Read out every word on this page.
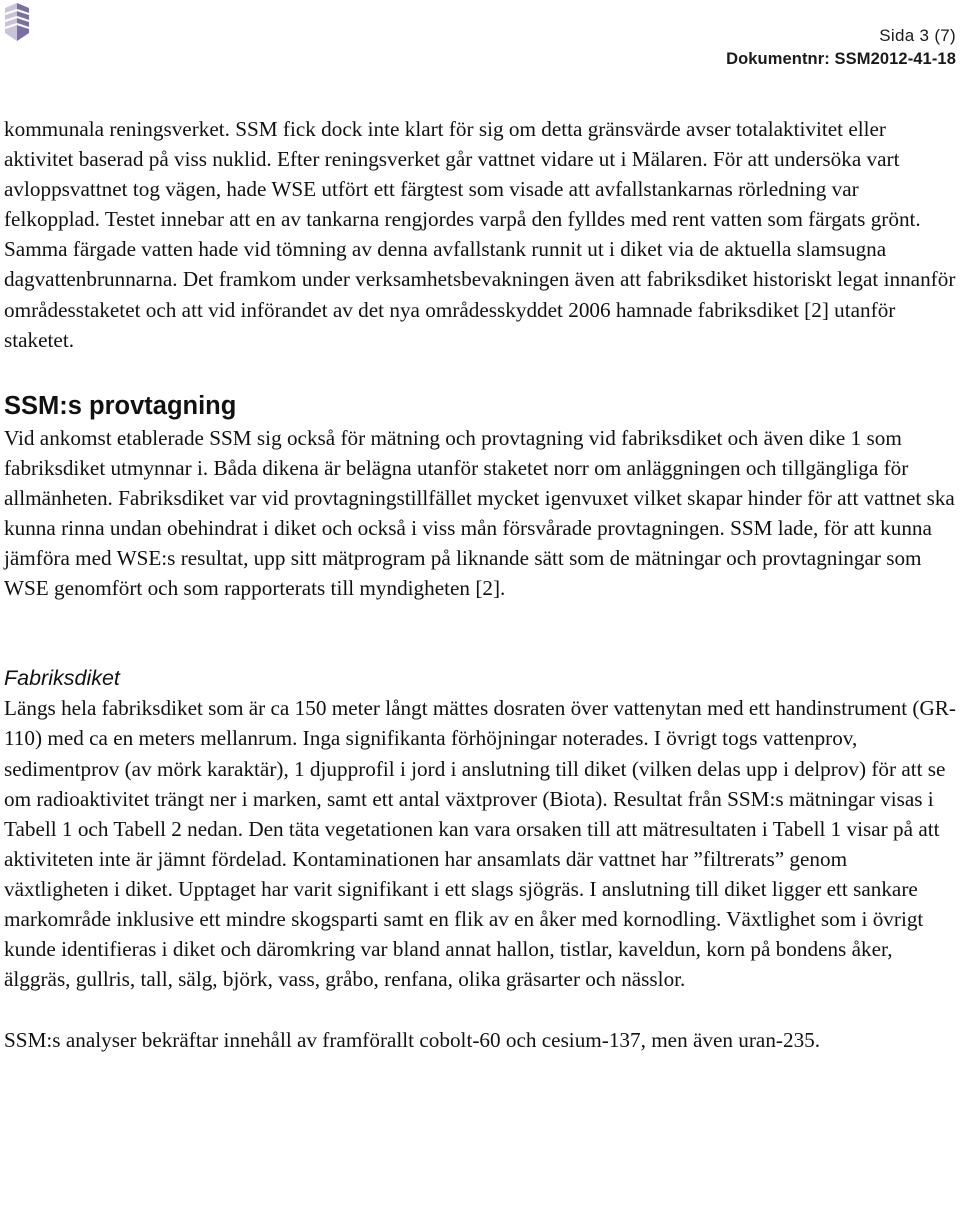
Sida 3 (7)
Dokumentnr: SSM2012-41-18

kommunala reningsverket. SSM fick dock inte klart för sig om detta gränsvärde avser totalaktivitet eller aktivitet baserad på viss nuklid. Efter reningsverket går vattnet vidare ut i Mälaren. För att undersöka vart avloppsvattnet tog vägen, hade WSE utfört ett färgtest som visade att avfallstankarnas rörledning var felkopplad. Testet innebar att en av tankarna rengjordes varpå den fylldes med rent vatten som färgats grönt. Samma färgade vatten hade vid tömning av denna avfallstank runnit ut i diket via de aktuella slamsugna dagvattenbrunnarna. Det framkom under verksamhetsbevakningen även att fabriksdiket historiskt legat innanför områdesstaketet och att vid införandet av det nya områdesskyddet 2006 hamnade fabriksdiket [2] utanför staketet.

SSM:s provtagning

Vid ankomst etablerade SSM sig också för mätning och provtagning vid fabriksdiket och även dike 1 som fabriksdiket utmynnar i. Båda dikena är belägna utanför staketet norr om anläggningen och tillgängliga för allmänheten. Fabriksdiket var vid provtagningstillfället mycket igenvuxet vilket skapar hinder för att vattnet ska kunna rinna undan obehindrat i diket och också i viss mån försvårade provtagningen. SSM lade, för att kunna jämföra med WSE:s resultat, upp sitt mätprogram på liknande sätt som de mätningar och provtagningar som WSE genomfört och som rapporterats till myndigheten [2].

Fabriksdiket

Längs hela fabriksdiket som är ca 150 meter långt mättes dosraten över vattenytan med ett handinstrument (GR-110) med ca en meters mellanrum. Inga signifikanta förhöjningar noterades. I övrigt togs vattenprov, sedimentprov (av mörk karaktär), 1 djupprofil i jord i anslutning till diket (vilken delas upp i delprov) för att se om radioaktivitet trängt ner i marken, samt ett antal växtprover (Biota). Resultat från SSM:s mätningar visas i Tabell 1 och Tabell 2 nedan. Den täta vegetationen kan vara orsaken till att mätresultaten i Tabell 1 visar på att aktiviteten inte är jämnt fördelad. Kontaminationen har ansamlats där vattnet har ”filtrerats” genom växtligheten i diket. Upptaget har varit signifikant i ett slags sjögräs. I anslutning till diket ligger ett sankare markområde inklusive ett mindre skogsparti samt en flik av en åker med kornodling. Växtlighet som i övrigt kunde identifieras i diket och däromkring var bland annat hallon, tistlar, kaveldun, korn på bondens åker, älggräs, gullris, tall, sälg, björk, vass, gråbo, renfana, olika gräsarter och nässlor.

SSM:s analyser bekräftar innehåll av framförallt cobolt-60 och cesium-137, men även uran-235.
